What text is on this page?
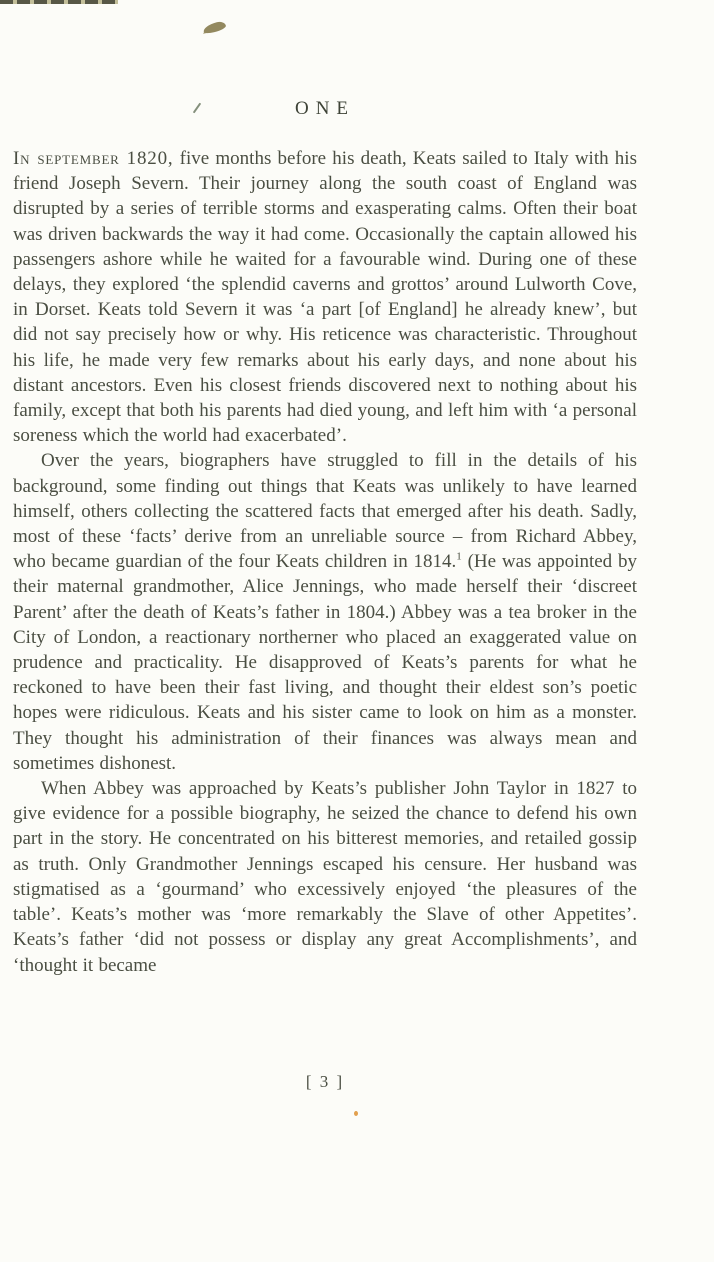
ONE

In september 1820, five months before his death, Keats sailed to Italy with his friend Joseph Severn. Their journey along the south coast of England was disrupted by a series of terrible storms and exasperating calms. Often their boat was driven backwards the way it had come. Occasionally the captain allowed his passengers ashore while he waited for a favourable wind. During one of these delays, they explored ‘the splendid caverns and grottos’ around Lulworth Cove, in Dorset. Keats told Severn it was ‘a part [of England] he already knew’, but did not say precisely how or why. His reticence was characteristic. Throughout his life, he made very few remarks about his early days, and none about his distant ancestors. Even his closest friends discovered next to nothing about his family, except that both his parents had died young, and left him with ‘a personal soreness which the world had exacerbated’.

Over the years, biographers have struggled to fill in the details of his background, some finding out things that Keats was unlikely to have learned himself, others collecting the scattered facts that emerged after his death. Sadly, most of these ‘facts’ derive from an unreliable source – from Richard Abbey, who became guardian of the four Keats children in 1814.$^1$ (He was appointed by their maternal grandmother, Alice Jennings, who made herself their ‘discreet Parent’ after the death of Keats’s father in 1804.) Abbey was a tea broker in the City of London, a reactionary northerner who placed an exaggerated value on prudence and practicality. He disapproved of Keats’s parents for what he reckoned to have been their fast living, and thought their eldest son’s poetic hopes were ridiculous. Keats and his sister came to look on him as a monster. They thought his administration of their finances was always mean and sometimes dishonest.

When Abbey was approached by Keats’s publisher John Taylor in 1827 to give evidence for a possible biography, he seized the chance to defend his own part in the story. He concentrated on his bitterest memories, and retailed gossip as truth. Only Grandmother Jennings escaped his censure. Her husband was stigmatised as a ‘gourmand’ who excessively enjoyed ‘the pleasures of the table’. Keats’s mother was ‘more remarkably the Slave of other Appetites’. Keats’s father ‘did not possess or display any great Accomplishments’, and ‘thought it became

[ 3 ]
